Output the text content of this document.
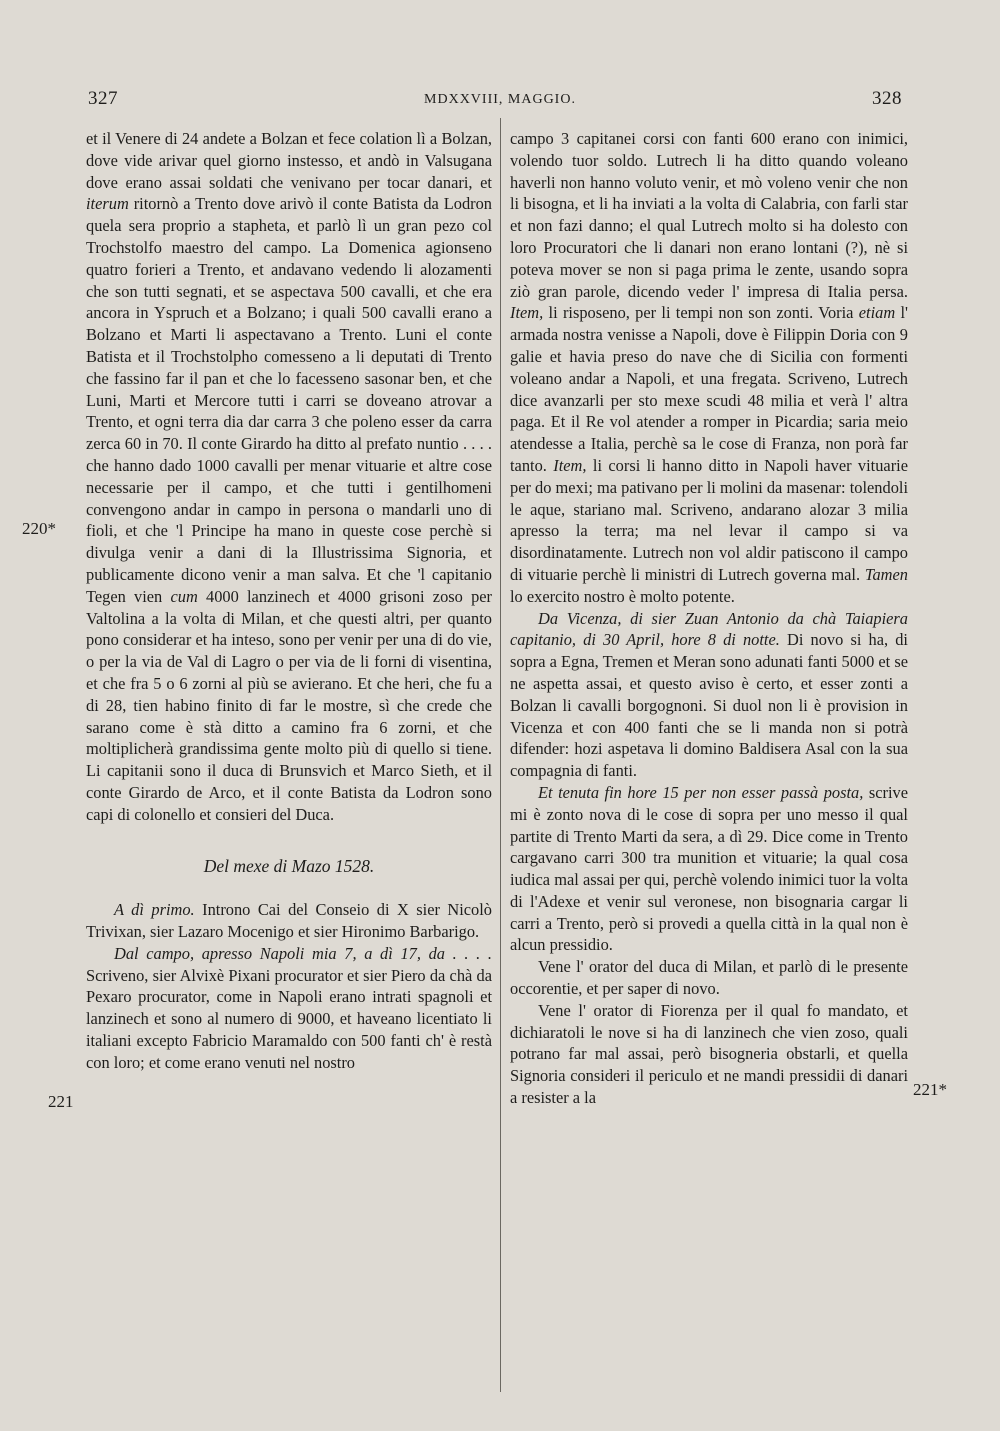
327	MDXXVIII, MAGGIO.	328
220*
221
221*

et il Venere di 24 andete a Bolzan et fece colation lì a Bolzan, dove vide arivar quel giorno instesso, et andò in Valsugana dove erano assai soldati che venivano per tocar danari, et iterum ritornò a Trento dove arivò il conte Batista da Lodron quela sera proprio a stapheta, et parlò lì un gran pezo col Trochstolfo maestro del campo. La Domenica agionseno quatro forieri a Trento, et andavano vedendo li alozamenti che son tutti segnati, et se aspectava 500 cavalli, et che era ancora in Yspruch et a Bolzano; i quali 500 cavalli erano a Bolzano et Marti li aspectavano a Trento. Luni el conte Batista et il Trochstolpho comesseno a li deputati di Trento che fassino far il pan et che lo facesseno sasonar ben, et che Luni, Marti et Mercore tutti i carri se doveano atrovar a Trento, et ogni terra dia dar carra 3 che poleno esser da carra zerca 60 in 70. Il conte Girardo ha ditto al prefato nuntio . . . . che hanno dado 1000 cavalli per menar vituarie et altre cose necessarie per il campo, et che tutti i gentilhomeni convengono andar in campo in persona o mandarli uno di fioli, et che 'l Principe ha mano in queste cose perchè si divulga venir a dani di la Illustrissima Signoria, et publicamente dicono venir a man salva. Et che 'l capitanio Tegen vien cum 4000 lanzinech et 4000 grisoni zoso per Valtolina a la volta di Milan, et che questi altri, per quanto pono considerar et ha inteso, sono per venir per una di do vie, o per la via de Val di Lagro o per via de li forni di visentina, et che fra 5 o 6 zorni al più se avierano. Et che heri, che fu a di 28, tien habino finito di far le mostre, sì che crede che sarano come è stà ditto a camino fra 6 zorni, et che moltiplicherà grandissima gente molto più di quello si tiene. Li capitanii sono il duca di Brunsvich et Marco Sieth, et il conte Girardo de Arco, et il conte Batista da Lodron sono capi di colonello et consieri del Duca.

Del mexe di Mazo 1528.

A dì primo. Introno Cai del Conseio di X sier Nicolò Trivixan, sier Lazaro Mocenigo et sier Hironimo Barbarigo.

Dal campo, apresso Napoli mia 7, a dì 17, da . . . . Scriveno, sier Alvixè Pixani procurator et sier Piero da chà da Pexaro procurator, come in Napoli erano intrati spagnoli et lanzinech et sono al numero di 9000, et haveano licentiato li italiani excepto Fabricio Maramaldo con 500 fanti ch' è restà con loro; et come erano venuti nel nostro

campo 3 capitanei corsi con fanti 600 erano con inimici, volendo tuor soldo. Lutrech li ha ditto quando voleano haverli non hanno voluto venir, et mò voleno venir che non li bisogna, et li ha inviati a la volta di Calabria, con farli star et non fazi danno; el qual Lutrech molto si ha dolesto con loro Procuratori che li danari non erano lontani (?), nè si poteva mover se non si paga prima le zente, usando sopra ziò gran parole, dicendo veder l' impresa di Italia persa. Item, li risposeno, per li tempi non son zonti. Voria etiam l' armada nostra venisse a Napoli, dove è Filippin Doria con 9 galie et havia preso do nave che di Sicilia con formenti voleano andar a Napoli, et una fregata. Scriveno, Lutrech dice avanzarli per sto mexe scudi 48 milia et verà l' altra paga. Et il Re vol atender a romper in Picardia; saria meio atendesse a Italia, perchè sa le cose di Franza, non porà far tanto. Item, li corsi li hanno ditto in Napoli haver vituarie per do mexi; ma pativano per li molini da masenar: tolendoli le aque, stariano mal. Scriveno, andarano alozar 3 milia apresso la terra; ma nel levar il campo si va disordinatamente. Lutrech non vol aldir patiscono il campo di vituarie perchè li ministri di Lutrech governa mal. Tamen lo exercito nostro è molto potente.

Da Vicenza, di sier Zuan Antonio da chà Taiapiera capitanio, di 30 April, hore 8 di notte. Di novo si ha, di sopra a Egna, Tremen et Meran sono adunati fanti 5000 et se ne aspetta assai, et questo aviso è certo, et esser zonti a Bolzan li cavalli borgognoni. Si duol non li è provision in Vicenza et con 400 fanti che se li manda non si potrà difender: hozi aspetava li domino Baldisera Asal con la sua compagnia di fanti.

Et tenuta fin hore 15 per non esser passà posta, scrive mi è zonto nova di le cose di sopra per uno messo il qual partite di Trento Marti da sera, a dì 29. Dice come in Trento cargavano carri 300 tra munition et vituarie; la qual cosa iudica mal assai per qui, perchè volendo inimici tuor la volta di l'Adexe et venir sul veronese, non bisognaria cargar li carri a Trento, però si provedi a quella città in la qual non è alcun pressidio.

Vene l' orator del duca di Milan, et parlò di le presente occorentie, et per saper di novo.

Vene l' orator di Fiorenza per il qual fo mandato, et dichiaratoli le nove si ha di lanzinech che vien zoso, quali potrano far mal assai, però bisogneria obstarli, et quella Signoria consideri il periculo et ne mandi pressidii di danari a resister a la
